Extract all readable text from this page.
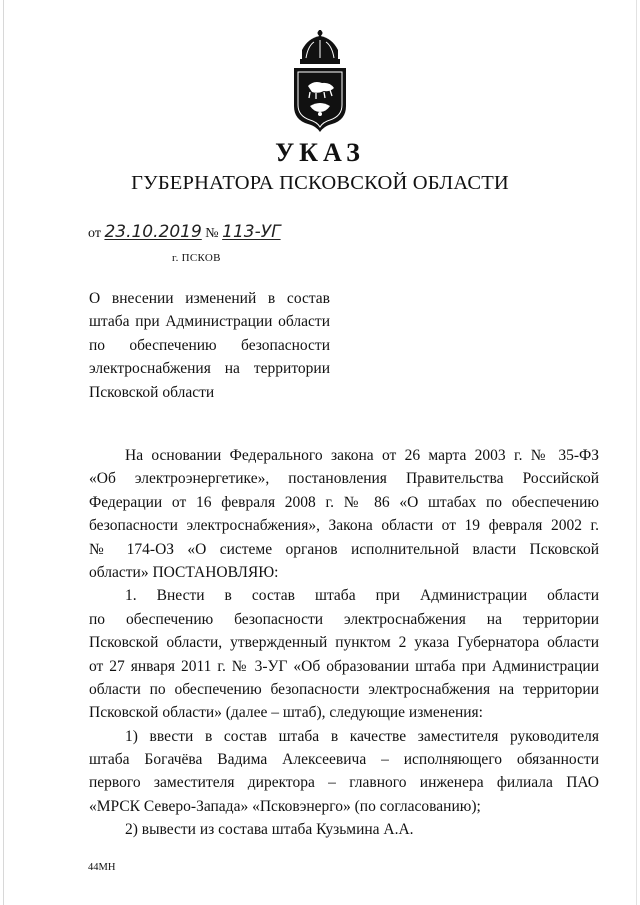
УКАЗ
ГУБЕРНАТОРА ПСКОВСКОЙ ОБЛАСТИ
от 23.10.2019 № 113-УГ
г. ПСКОВ
О внесении изменений в состав
штаба при Администрации области
по обеспечению безопасности
электроснабжения на территории
Псковской области
На основании Федерального закона от 26 марта 2003 г. № 35-ФЗ
«Об электроэнергетике», постановления Правительства Российской
Федерации от 16 февраля 2008 г. № 86 «О штабах по обеспечению
безопасности электроснабжения», Закона области от 19 февраля 2002 г.
№ 174-ОЗ «О системе органов исполнительной власти Псковской
области» ПОСТАНОВЛЯЮ:
1. Внести в состав штаба при Администрации области
по обеспечению безопасности электроснабжения на территории
Псковской области, утвержденный пунктом 2 указа Губернатора области
от 27 января 2011 г. № 3-УГ «Об образовании штаба при Администрации
области по обеспечению безопасности электроснабжения на территории
Псковской области» (далее – штаб), следующие изменения:
1) ввести в состав штаба в качестве заместителя руководителя
штаба Богачёва Вадима Алексеевича – исполняющего обязанности
первого заместителя директора – главного инженера филиала ПАО
«МРСК Северо-Запада» «Псковэнерго» (по согласованию);
2) вывести из состава штаба Кузьмина А.А.
44МН
